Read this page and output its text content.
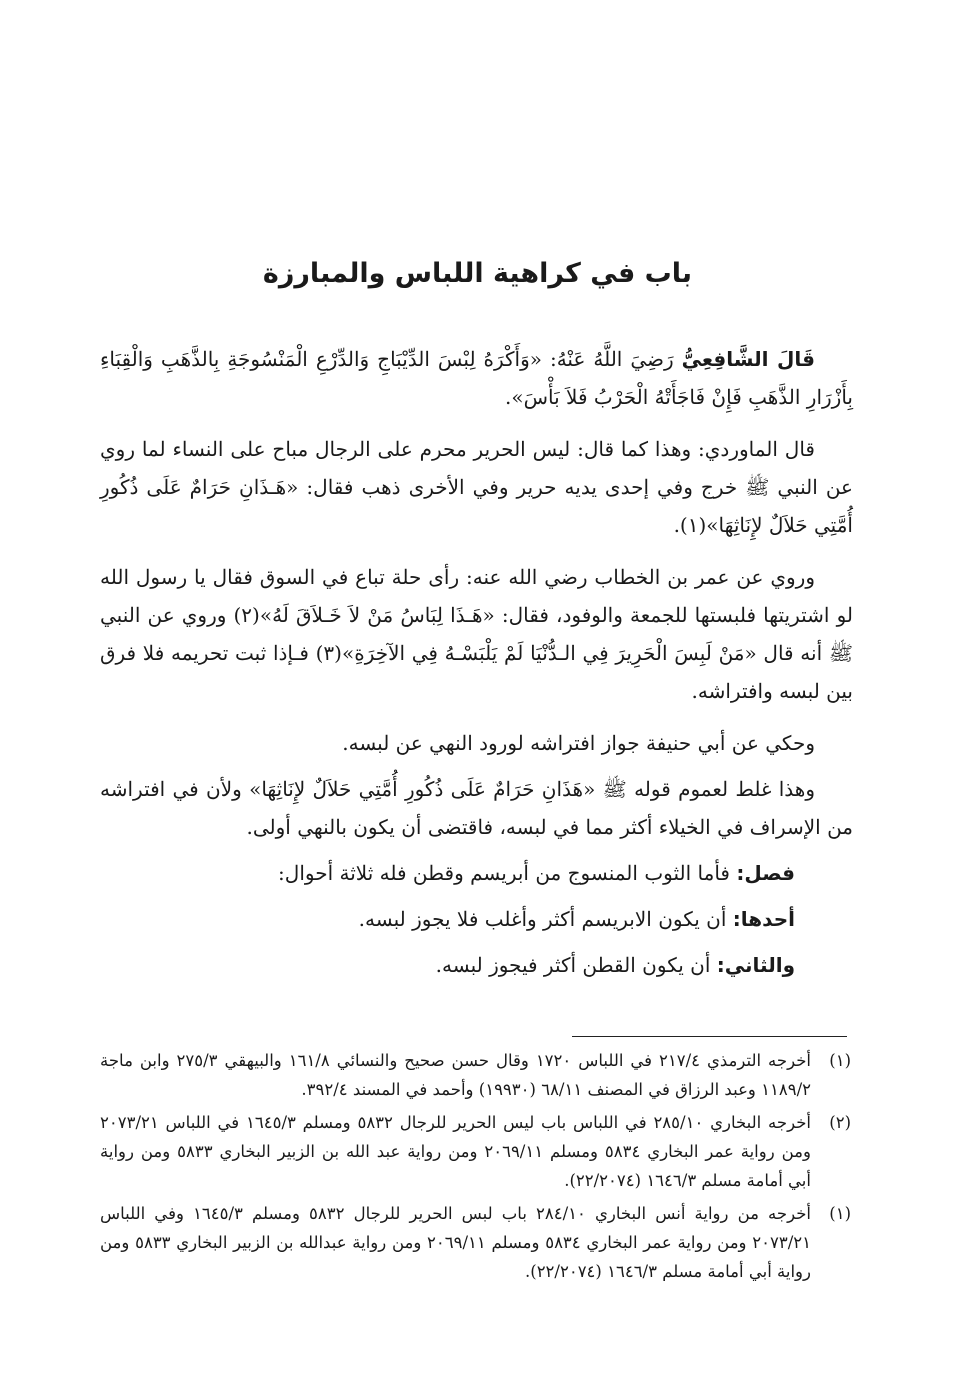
باب في كراهية اللباس والمبارزة

قَالَ الشَّافِعِيُّ رَضِيَ اللَّهُ عَنْهُ: «وَأَكْرَهُ لِبْسَ الدِّيْبَاجِ وَالدِّرْعِ الْمَنْسُوجَةِ بِالذَّهَبِ وَالْقِبَاءِ بِأَزْرَارِ الذَّهَبِ فَإِنْ فَاجَأَتْهُ الْحَرْبُ فَلاَ بَأْسَ».

قال الماوردي: وهذا كما قال: ليس الحرير محرم على الرجال مباح على النساء لما روي عن النبي ﷺ خرج وفي إحدى يديه حرير وفي الأخرى ذهب فقال: «هَـذَانِ حَرَامٌ عَلَى ذُكُورِ أُمَّتِي حَلاَلٌ لإِنَاثِهَا»(١).

وروي عن عمر بن الخطاب رضي الله عنه: رأى حلة تباع في السوق فقال يا رسول الله لو اشتريتها فلبستها للجمعة والوفود، فقال: «هَـذَا لِبَاسُ مَنْ لاَ خَـلاَقَ لَهُ»(٢) وروي عن النبي ﷺ أنه قال «مَنْ لَبِسَ الْحَرِيرَ فِي الـدُّنْيَا لَمْ يَلْبَسْـهُ فِي الآخِرَةِ»(٣) فـإذا ثبت تحريمه فلا فرق بين لبسه وافتراشه.

وحكي عن أبي حنيفة جواز افتراشه لورود النهي عن لبسه.

وهذا غلط لعموم قوله ﷺ «هَذَانِ حَرَامٌ عَلَى ذُكُورِ أُمَّتِي حَلاَلٌ لإِنَاثِهَا» ولأن في افتراشه من الإسراف في الخيلاء أكثر مما في لبسه، فاقتضى أن يكون بالنهي أولى.

فصل: فأما الثوب المنسوج من أبريسم وقطن فله ثلاثة أحوال:

أحدها: أن يكون الابريسم أكثر وأغلب فلا يجوز لبسه.

والثاني: أن يكون القطن أكثر فيجوز لبسه.

(١)
أخرجه الترمذي ٢١٧/٤ في اللباس ١٧٢٠ وقال حسن صحيح والنسائي ١٦١/٨ والبيهقي ٢٧٥/٣ وابن ماجة ١١٨٩/٢ وعبد الرزاق في المصنف ٦٨/١١ (١٩٩٣٠) وأحمد في المسند ٣٩٢/٤.
(٢)
أخرجه البخاري ٢٨٥/١٠ في اللباس باب ليس الحرير للرجال ٥٨٣٢ ومسلم ١٦٤٥/٣ في اللباس ٢٠٧٣/٢١ ومن رواية عمر البخاري ٥٨٣٤ ومسلم ٢٠٦٩/١١ ومن رواية عبد الله بن الزبير البخاري ٥٨٣٣ ومن رواية أبي أمامة مسلم ١٦٤٦/٣ (٢٢/٢٠٧٤).
(١)
أخرجه من رواية أنس البخاري ٢٨٤/١٠ باب لبس الحرير للرجال ٥٨٣٢ ومسلم ١٦٤٥/٣ وفي اللباس ٢٠٧٣/٢١ ومن رواية عمر البخاري ٥٨٣٤ ومسلم ٢٠٦٩/١١ ومن رواية عبدالله بن الزبير البخاري ٥٨٣٣ ومن رواية أبي أمامة مسلم ١٦٤٦/٣ (٢٢/٢٠٧٤).
